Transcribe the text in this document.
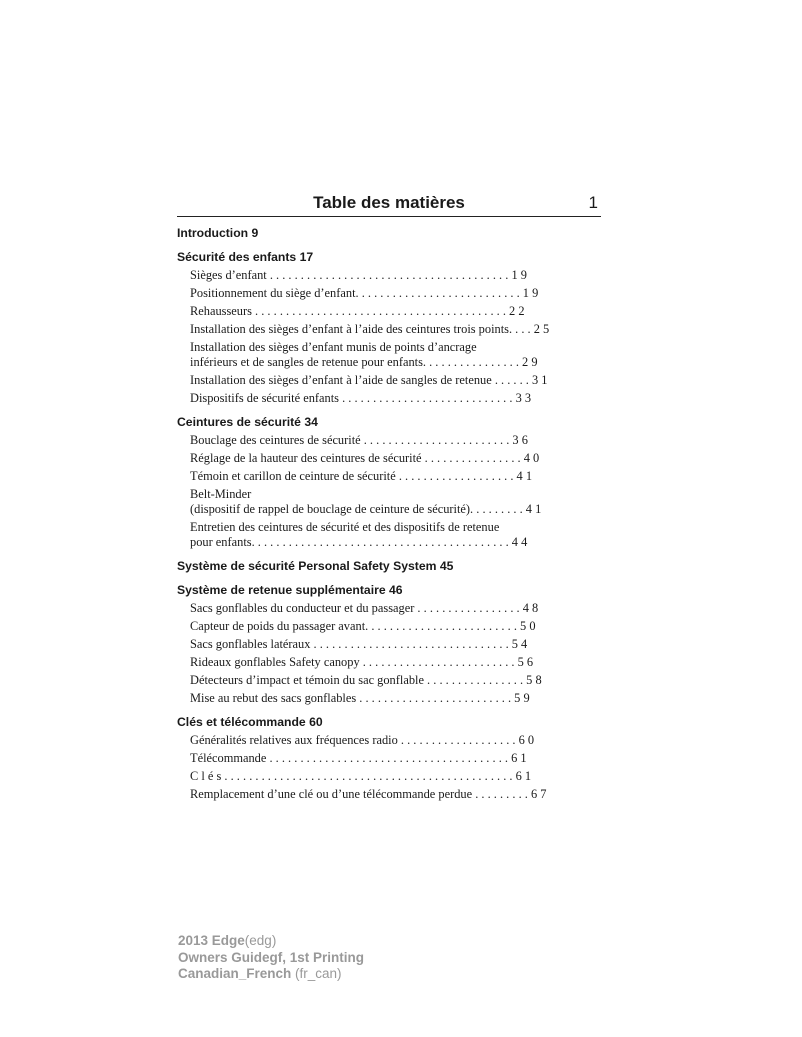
Table des matières	1
Introduction 9
Sécurité des enfants 17
Sièges d’enfant . . . . . . . . . . . . . . . . . . . . . . . . . . . . . . . . . . . . . . . 1 9
Positionnement du siège d’enfant. . . . . . . . . . . . . . . . . . . . . . . . . . . 1 9
Rehausseurs . . . . . . . . . . . . . . . . . . . . . . . . . . . . . . . . . . . . . . . . . 2 2
Installation des sièges d’enfant à l’aide des ceintures trois points. . . . 2 5
Installation des sièges d’enfant munis de points d’ancrage
inférieurs et de sangles de retenue pour enfants. . . . . . . . . . . . . . . . 2 9
Installation des sièges d’enfant à l’aide de sangles de retenue . . . . . . 3 1
Dispositifs de sécurité enfants . . . . . . . . . . . . . . . . . . . . . . . . . . . . 3 3
Ceintures de sécurité 34
Bouclage des ceintures de sécurité . . . . . . . . . . . . . . . . . . . . . . . . 3 6
Réglage de la hauteur des ceintures de sécurité . . . . . . . . . . . . . . . . 4 0
Témoin et carillon de ceinture de sécurité . . . . . . . . . . . . . . . . . . . 4 1
Belt-Minder
(dispositif de rappel de bouclage de ceinture de sécurité). . . . . . . . . 4 1
Entretien des ceintures de sécurité et des dispositifs de retenue
pour enfants. . . . . . . . . . . . . . . . . . . . . . . . . . . . . . . . . . . . . . . . . . 4 4
Système de sécurité Personal Safety System 45
Système de retenue supplémentaire 46
Sacs gonflables du conducteur et du passager . . . . . . . . . . . . . . . . . 4 8
Capteur de poids du passager avant. . . . . . . . . . . . . . . . . . . . . . . . . 5 0
Sacs gonflables latéraux . . . . . . . . . . . . . . . . . . . . . . . . . . . . . . . . 5 4
Rideaux gonflables Safety canopy . . . . . . . . . . . . . . . . . . . . . . . . . 5 6
Détecteurs d’impact et témoin du sac gonflable . . . . . . . . . . . . . . . . 5 8
Mise au rebut des sacs gonflables . . . . . . . . . . . . . . . . . . . . . . . . . 5 9
Clés et télécommande 60
Généralités relatives aux fréquences radio . . . . . . . . . . . . . . . . . . . 6 0
Télécommande . . . . . . . . . . . . . . . . . . . . . . . . . . . . . . . . . . . . . . . 6 1
C l é s . . . . . . . . . . . . . . . . . . . . . . . . . . . . . . . . . . . . . . . . . . . . . . . 6 1
Remplacement d’une clé ou d’une télécommande perdue . . . . . . . . . 6 7
2013 Edge(edg)
Owners Guidegf, 1st Printing
Canadian_French (fr_can)
